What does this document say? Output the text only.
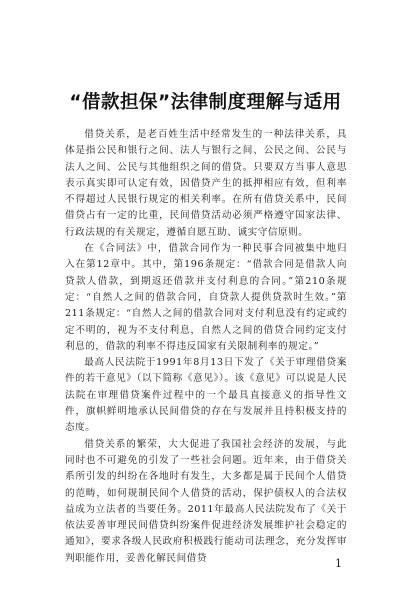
“借款担保”法律制度理解与适用

借贷关系，是老百姓生活中经常发生的一种法律关系，具体是指公民和银行之间、法人与银行之间、公民之间、公民与法人之间、公民与其他组织之间的借贷。只要双方当事人意思表示真实即可认定有效，因借贷产生的抵押相应有效，但利率不得超过人民银行规定的相关利率。在所有借贷关系中，民间借贷占有一定的比重，民间借贷活动必须严格遵守国家法律、行政法规的有关规定，遵循自愿互助、诚实守信原则。

在《合同法》中，借款合同作为一种民事合同被集中地归入在第12章中。其中，第196条规定：“借款合同是借款人向贷款人借款，到期返还借款并支付利息的合同。”第210条规定：“自然人之间的借款合同，自贷款人提供贷款时生效。”第211条规定：“自然人之间的借款合同对支付利息没有约定或约定不明的，视为不支付利息，自然人之间的借贷合同约定支付利息的，借款的利率不得违反国家有关限制利率的规定。”

最高人民法院于1991年8月13日下发了《关于审理借贷案件的若干意见》（以下简称《意见》）。该《意见》可以说是人民法院在审理借贷案件过程中的一个最具直接意义的指导性文件，旗帜鲜明地承认民间借贷的存在与发展并且持积极支持的态度。

借贷关系的繁荣，大大促进了我国社会经济的发展，与此同时也不可避免的引发了一些社会问题。近年来，由于借贷关系所引发的纠纷在各地时有发生，大多都是属于民间个人借贷的范畴，如何规制民间个人借贷的活动，保护债权人的合法权益成为立法者的当要任务。2011年最高人民法院发布了《关于依法妥善审理民间借贷纠纷案件促进经济发展维护社会稳定的通知》，要求各级人民政府积极践行能动司法理念，充分发挥审判职能作用，妥善化解民间借贷	1
